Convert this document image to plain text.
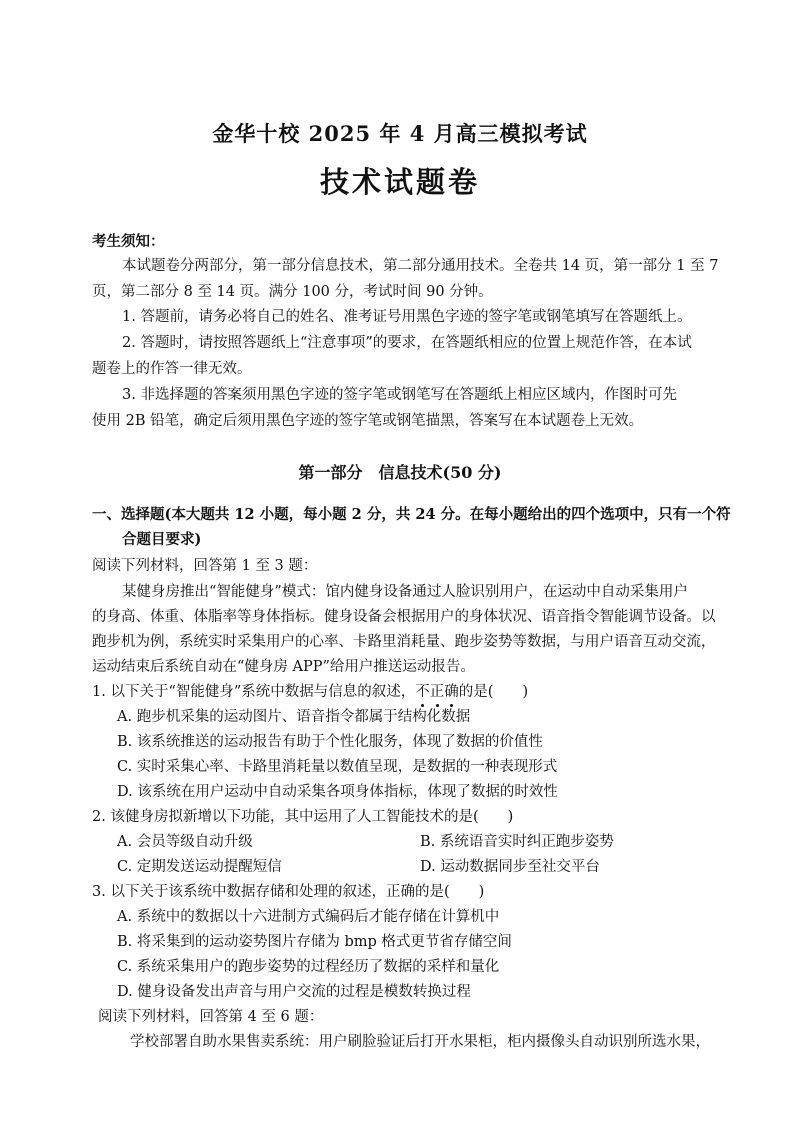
金华十校 2025 年 4 月高三模拟考试
技术试题卷
考生须知：
本试题卷分两部分，第一部分信息技术，第二部分通用技术。全卷共 14 页，第一部分 1 至 7
页，第二部分 8 至 14 页。满分 100 分，考试时间 90 分钟。
1. 答题前，请务必将自己的姓名、准考证号用黑色字迹的签字笔或钢笔填写在答题纸上。
2. 答题时，请按照答题纸上“注意事项”的要求，在答题纸相应的位置上规范作答，在本试
题卷上的作答一律无效。
3. 非选择题的答案须用黑色字迹的签字笔或钢笔写在答题纸上相应区域内，作图时可先
使用 2B 铅笔，确定后须用黑色字迹的签字笔或钢笔描黑，答案写在本试题卷上无效。
第一部分　信息技术(50 分)
一、选择题(本大题共 12 小题，每小题 2 分，共 24 分。在每小题给出的四个选项中，只有一个符
合题目要求)
阅读下列材料，回答第 1 至 3 题：
某健身房推出“智能健身”模式：馆内健身设备通过人脸识别用户，在运动中自动采集用户
的身高、体重、体脂率等身体指标。健身设备会根据用户的身体状况、语音指令智能调节设备。以
跑步机为例，系统实时采集用户的心率、卡路里消耗量、跑步姿势等数据，与用户语音互动交流，
运动结束后系统自动在“健身房 APP”给用户推送运动报告。
1. 以下关于“智能健身”系统中数据与信息的叙述，不正确的是(　　)
A. 跑步机采集的运动图片、语音指令都属于结构化数据
B. 该系统推送的运动报告有助于个性化服务，体现了数据的价值性
C. 实时采集心率、卡路里消耗量以数值呈现，是数据的一种表现形式
D. 该系统在用户运动中自动采集各项身体指标，体现了数据的时效性
2. 该健身房拟新增以下功能，其中运用了人工智能技术的是(　　)
A. 会员等级自动升级	B. 系统语音实时纠正跑步姿势
C. 定期发送运动提醒短信	D. 运动数据同步至社交平台
3. 以下关于该系统中数据存储和处理的叙述，正确的是(　　)
A. 系统中的数据以十六进制方式编码后才能存储在计算机中
B. 将采集到的运动姿势图片存储为 bmp 格式更节省存储空间
C. 系统采集用户的跑步姿势的过程经历了数据的采样和量化
D. 健身设备发出声音与用户交流的过程是模数转换过程
阅读下列材料，回答第 4 至 6 题：
学校部署自助水果售卖系统：用户刷脸验证后打开水果柜，柜内摄像头自动识别所选水果，
